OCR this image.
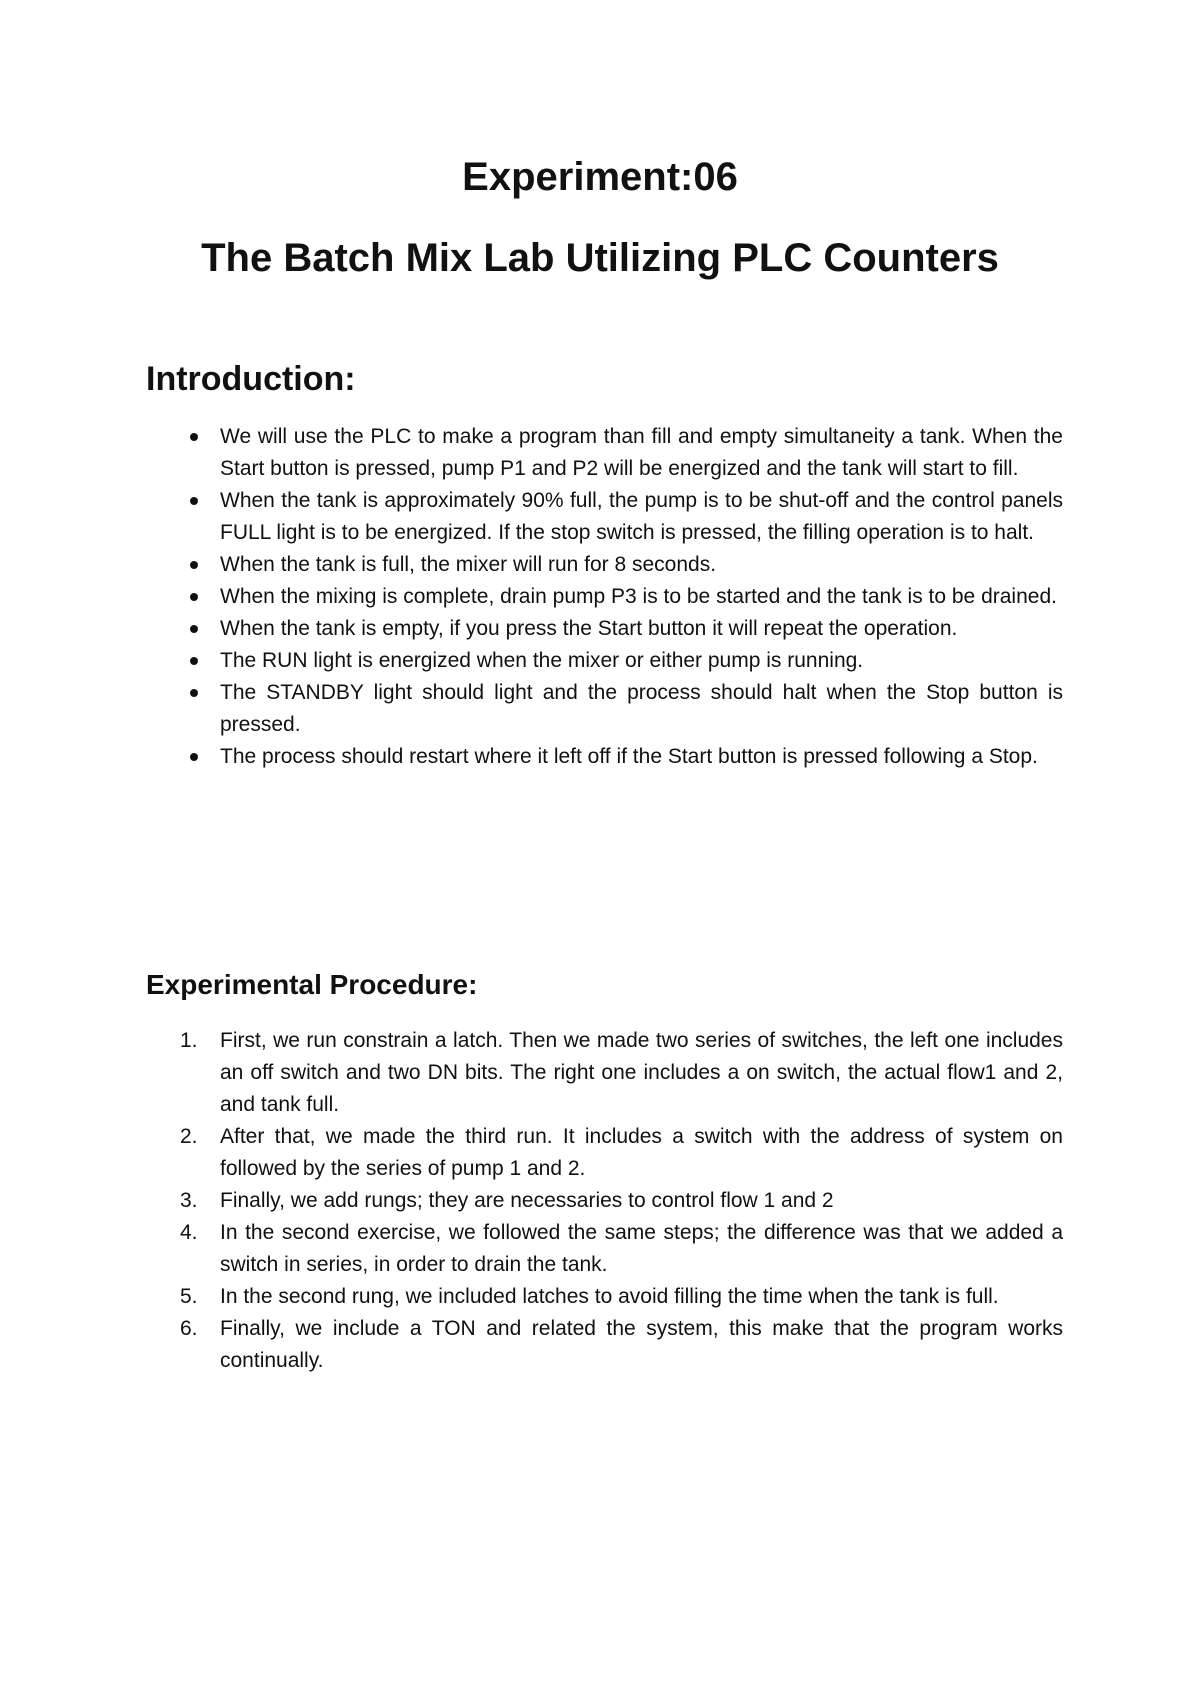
Experiment:06
The Batch Mix Lab Utilizing PLC Counters
Introduction:
We will use the PLC to make a program than fill and empty simultaneity a tank. When the Start button is pressed, pump P1 and P2 will be energized and the tank will start to fill.
When the tank is approximately 90% full, the pump is to be shut-off and the control panels FULL light is to be energized. If the stop switch is pressed, the filling operation is to halt.
When the tank is full, the mixer will run for 8 seconds.
When the mixing is complete, drain pump P3 is to be started and the tank is to be drained.
When the tank is empty, if you press the Start button it will repeat the operation.
The RUN light is energized when the mixer or either pump is running.
The STANDBY light should light and the process should halt when the Stop button is pressed.
The process should restart where it left off if the Start button is pressed following a Stop.
Experimental Procedure:
1.	First, we run constrain a latch. Then we made two series of switches, the left one includes an off switch and two DN bits. The right one includes a on switch, the actual flow1 and 2, and tank full.
2.	After that, we made the third run. It includes a switch with the address of system on followed by the series of pump 1 and 2.
3.	Finally, we add rungs; they are necessaries to control flow 1 and 2
4.	In the second exercise, we followed the same steps; the difference was that we added a switch in series, in order to drain the tank.
5.	In the second rung, we included latches to avoid filling the time when the tank is full.
6.	Finally, we include a TON and related the system, this make that the program works continually.
